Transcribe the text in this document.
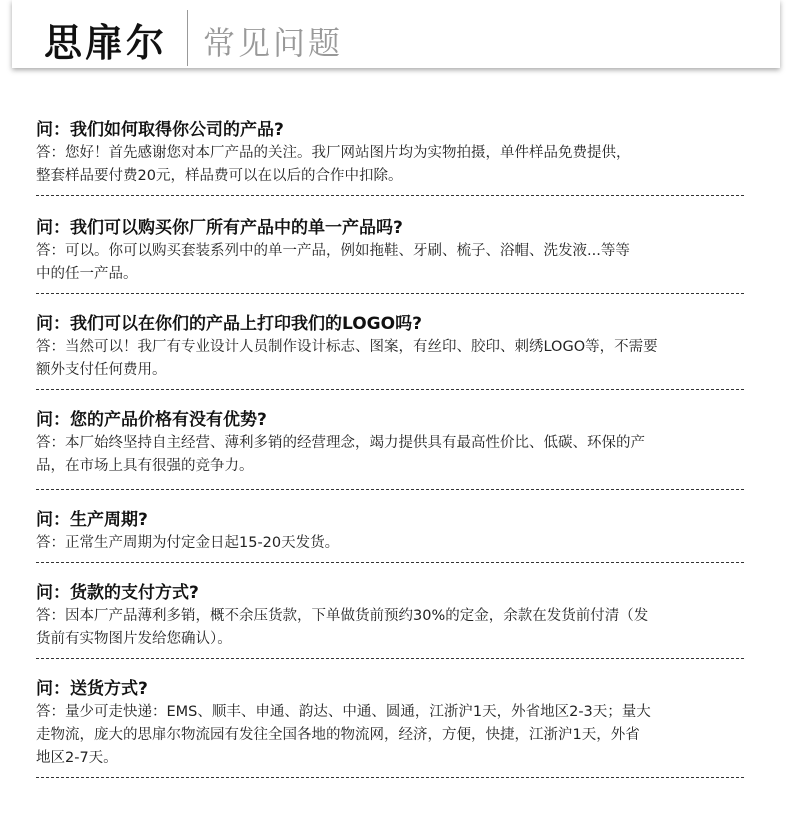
思扉尔 常见问题
问：我们如何取得你公司的产品?
答：您好！首先感谢您对本厂产品的关注。我厂网站图片均为实物拍摄，单件样品免费提供，
整套样品要付费20元，样品费可以在以后的合作中扣除。
问：我们可以购买你厂所有产品中的单一产品吗?
答：可以。你可以购买套装系列中的单一产品，例如拖鞋、牙刷、梳子、浴帽、洗发液...等等
中的任一产品。
问：我们可以在你们的产品上打印我们的LOGO吗?
答：当然可以！我厂有专业设计人员制作设计标志、图案，有丝印、胶印、刺绣LOGO等，不需要
额外支付任何费用。
问：您的产品价格有没有优势?
答：本厂始终坚持自主经营、薄利多销的经营理念，竭力提供具有最高性价比、低碳、环保的产
品，在市场上具有很强的竞争力。
问：生产周期?
答：正常生产周期为付定金日起15-20天发货。
问：货款的支付方式?
答：因本厂产品薄利多销，概不余压货款，下单做货前预约30%的定金，余款在发货前付清（发
货前有实物图片发给您确认）。
问：送货方式?
答：量少可走快递：EMS、顺丰、申通、韵达、中通、圆通，江浙沪1天，外省地区2-3天；量大
走物流，庞大的思扉尔物流园有发往全国各地的物流网，经济，方便，快捷，江浙沪1天，外省
地区2-7天。
